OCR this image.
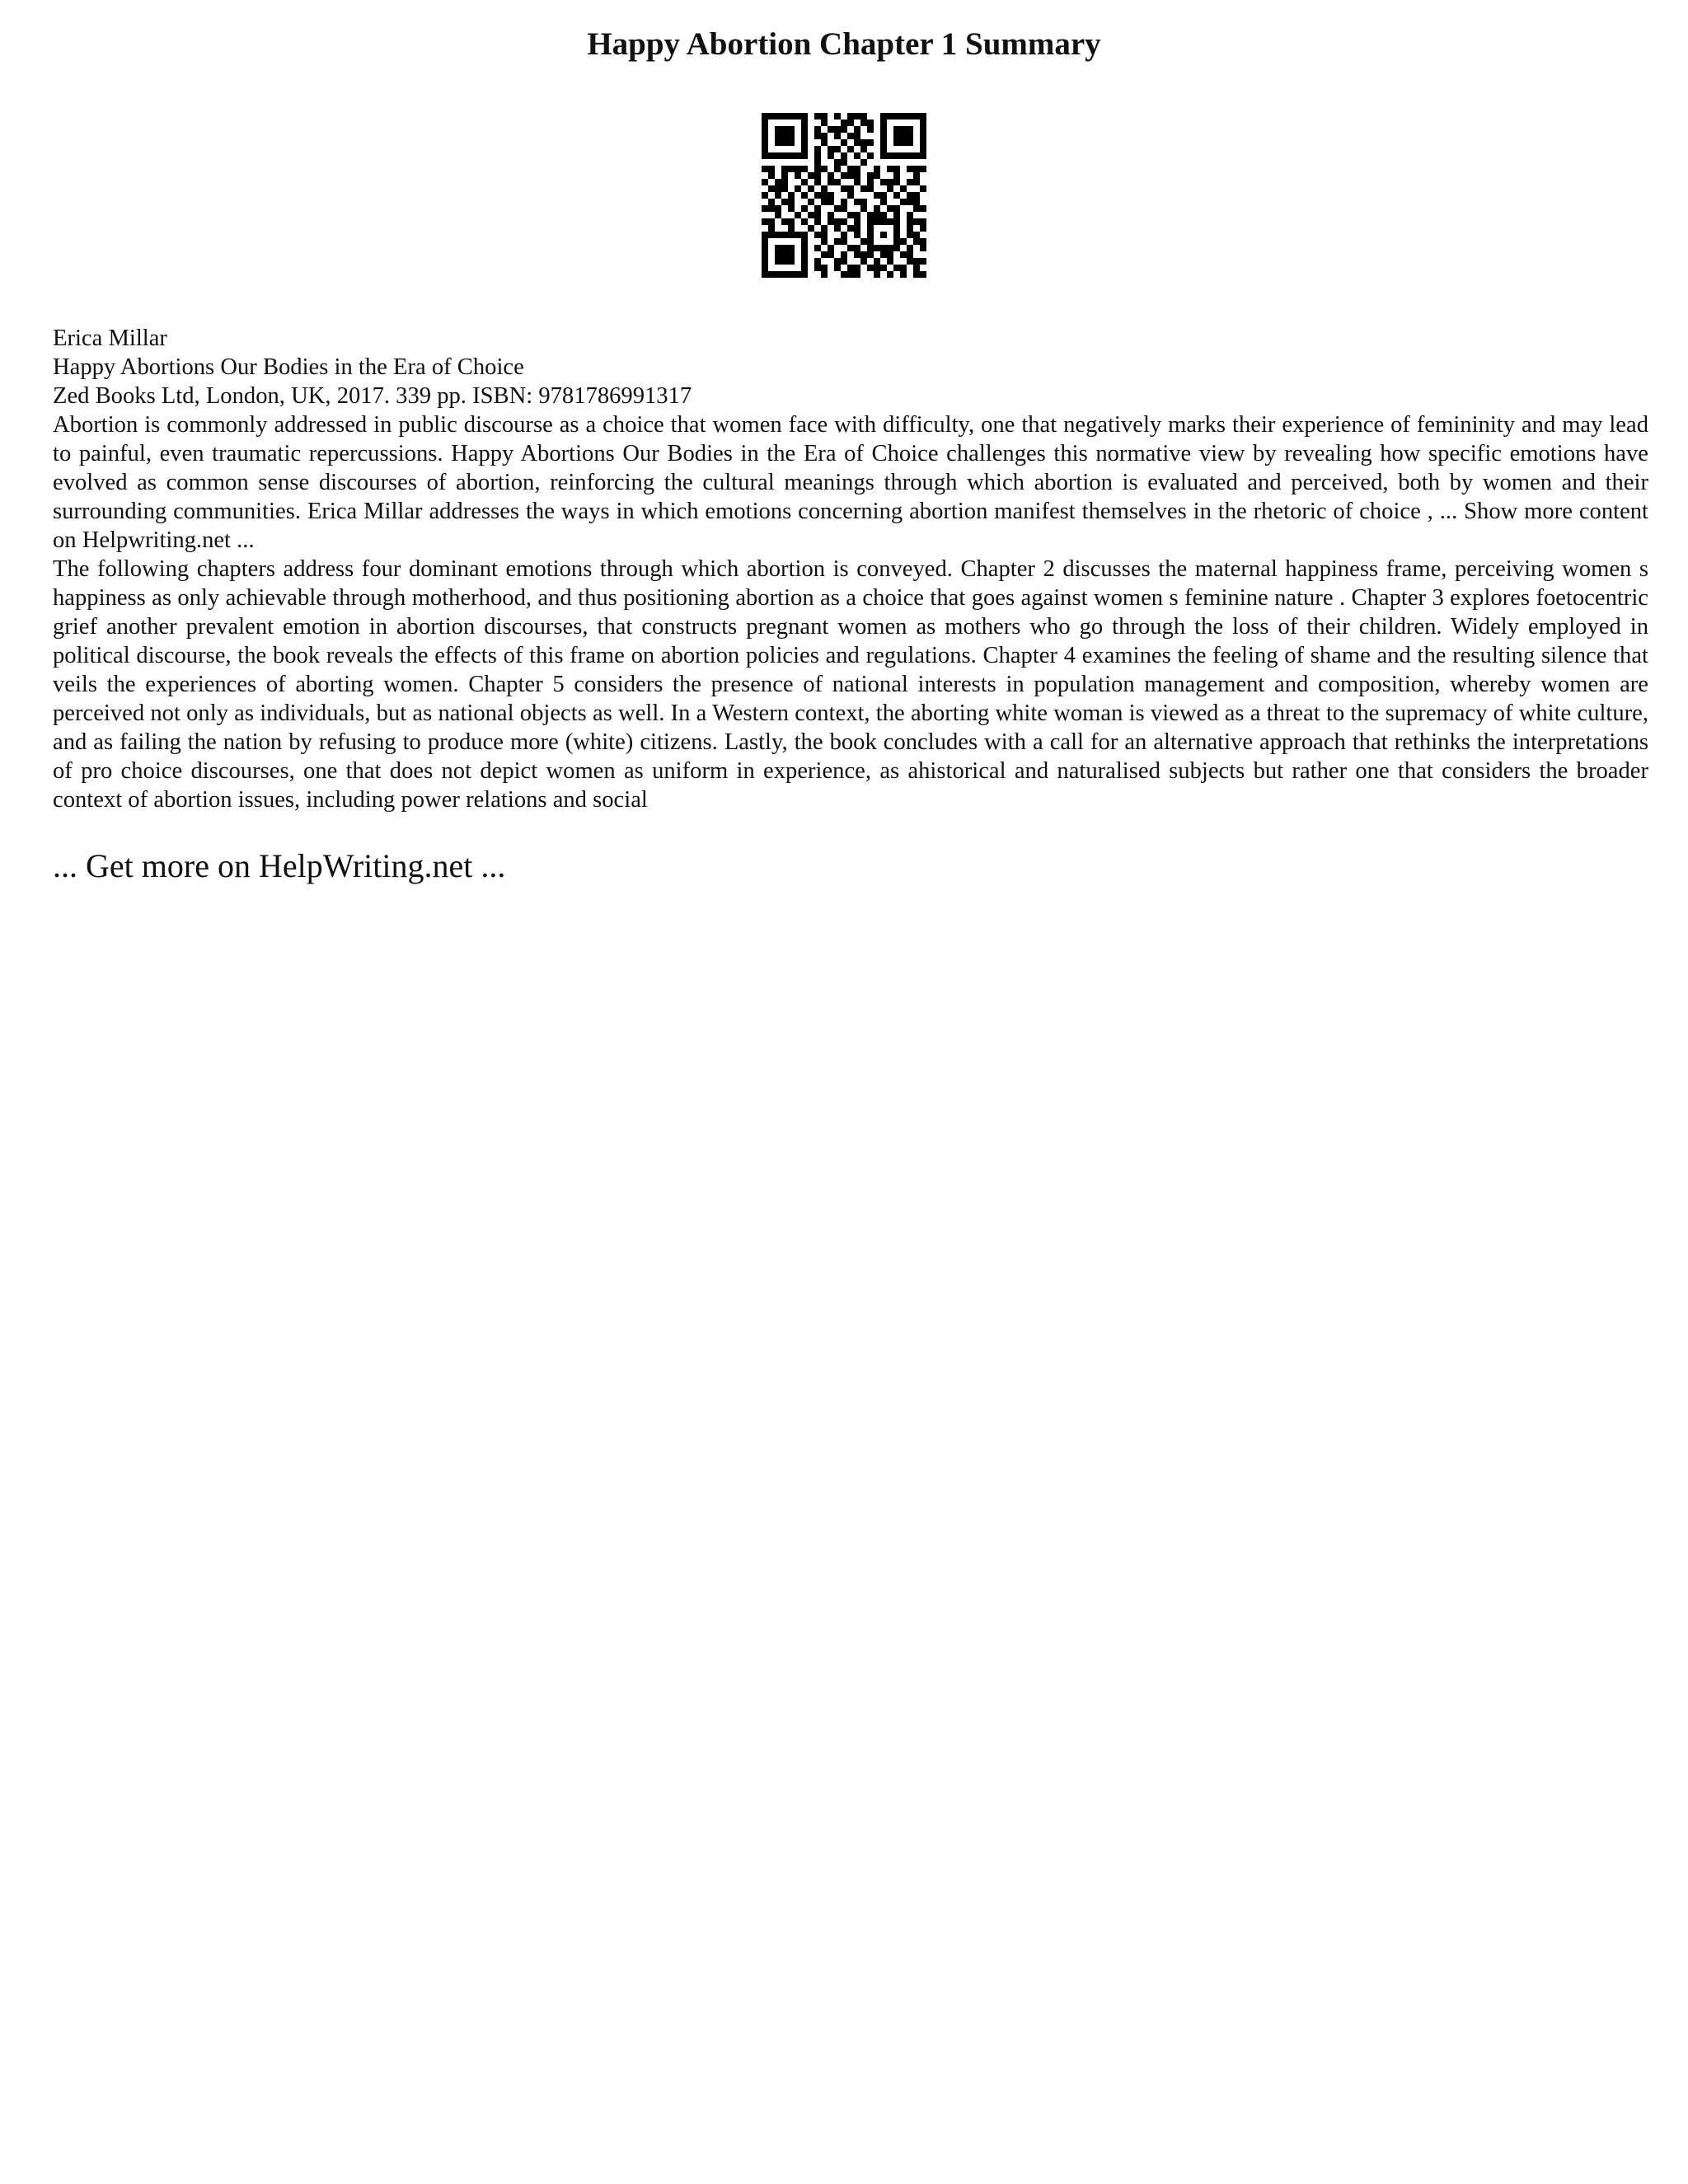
Happy Abortion Chapter 1 Summary

Erica Millar

Happy Abortions Our Bodies in the Era of Choice

Zed Books Ltd, London, UK, 2017. 339 pp. ISBN: 9781786991317

Abortion is commonly addressed in public discourse as a choice that women face with difficulty, one that negatively marks their experience of femininity and may lead to painful, even traumatic repercussions. Happy Abortions Our Bodies in the Era of Choice challenges this normative view by revealing how specific emotions have evolved as common sense discourses of abortion, reinforcing the cultural meanings through which abortion is evaluated and perceived, both by women and their surrounding communities. Erica Millar addresses the ways in which emotions concerning abortion manifest themselves in the rhetoric of choice , ... Show more content on Helpwriting.net ...

The following chapters address four dominant emotions through which abortion is conveyed. Chapter 2 discusses the maternal happiness frame, perceiving women s happiness as only achievable through motherhood, and thus positioning abortion as a choice that goes against women s feminine nature . Chapter 3 explores foetocentric grief another prevalent emotion in abortion discourses, that constructs pregnant women as mothers who go through the loss of their children. Widely employed in political discourse, the book reveals the effects of this frame on abortion policies and regulations. Chapter 4 examines the feeling of shame and the resulting silence that veils the experiences of aborting women. Chapter 5 considers the presence of national interests in population management and composition, whereby women are perceived not only as individuals, but as national objects as well. In a Western context, the aborting white woman is viewed as a threat to the supremacy of white culture, and as failing the nation by refusing to produce more (white) citizens. Lastly, the book concludes with a call for an alternative approach that rethinks the interpretations of pro choice discourses, one that does not depict women as uniform in experience, as ahistorical and naturalised subjects but rather one that considers the broader context of abortion issues, including power relations and social

... Get more on HelpWriting.net ...
